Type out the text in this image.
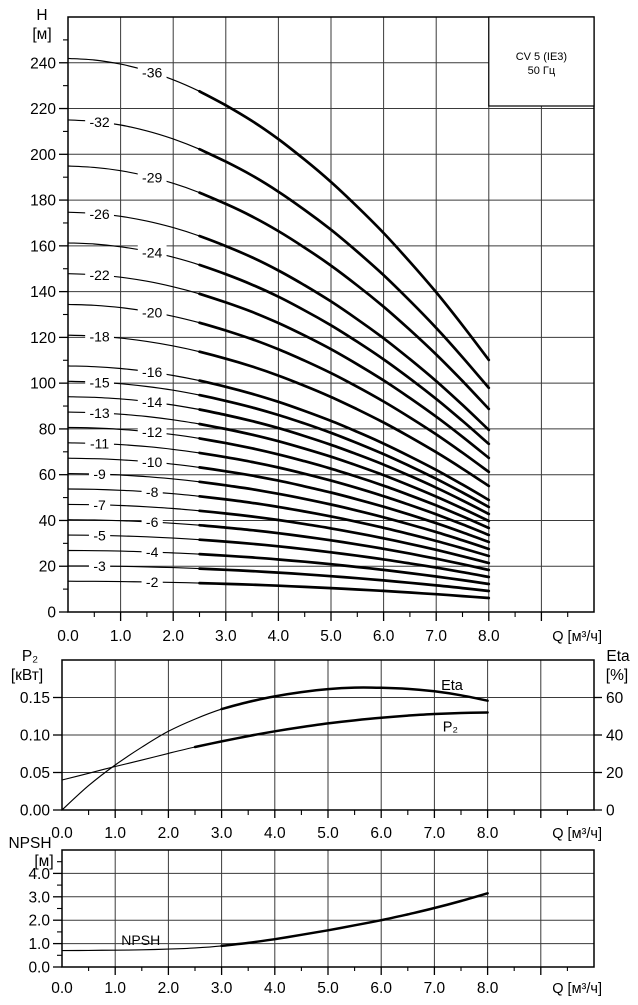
0
20
40
60
80
100
120
140
160
180
200
220
240
0.0 1.0 2.0 3.0 4.0 5.0 6.0 7.0 8.0
H
[м]
Q [м³/ч]
CV 5 (IE3)
50 Гц
-2
-3
-4
-5
-6
-7
-8
-9
-10
-11
-12
-13
-14
-15
-16
-18
-20
-22
-24
-26
-29
-32
-36
0.00
0.05
0.10
0.15
0
20
40
60
0.0 1.0 2.0 3.0 4.0 5.0 6.0 7.0 8.0
P₂
[кВт]
Eta
[%]
Q [м³/ч]
Eta
P₂
0.0
1.0
2.0
3.0
4.0
0.0 1.0 2.0 3.0 4.0 5.0 6.0 7.0 8.0
NPSH
[м]
Q [м³/ч]
NPSH
